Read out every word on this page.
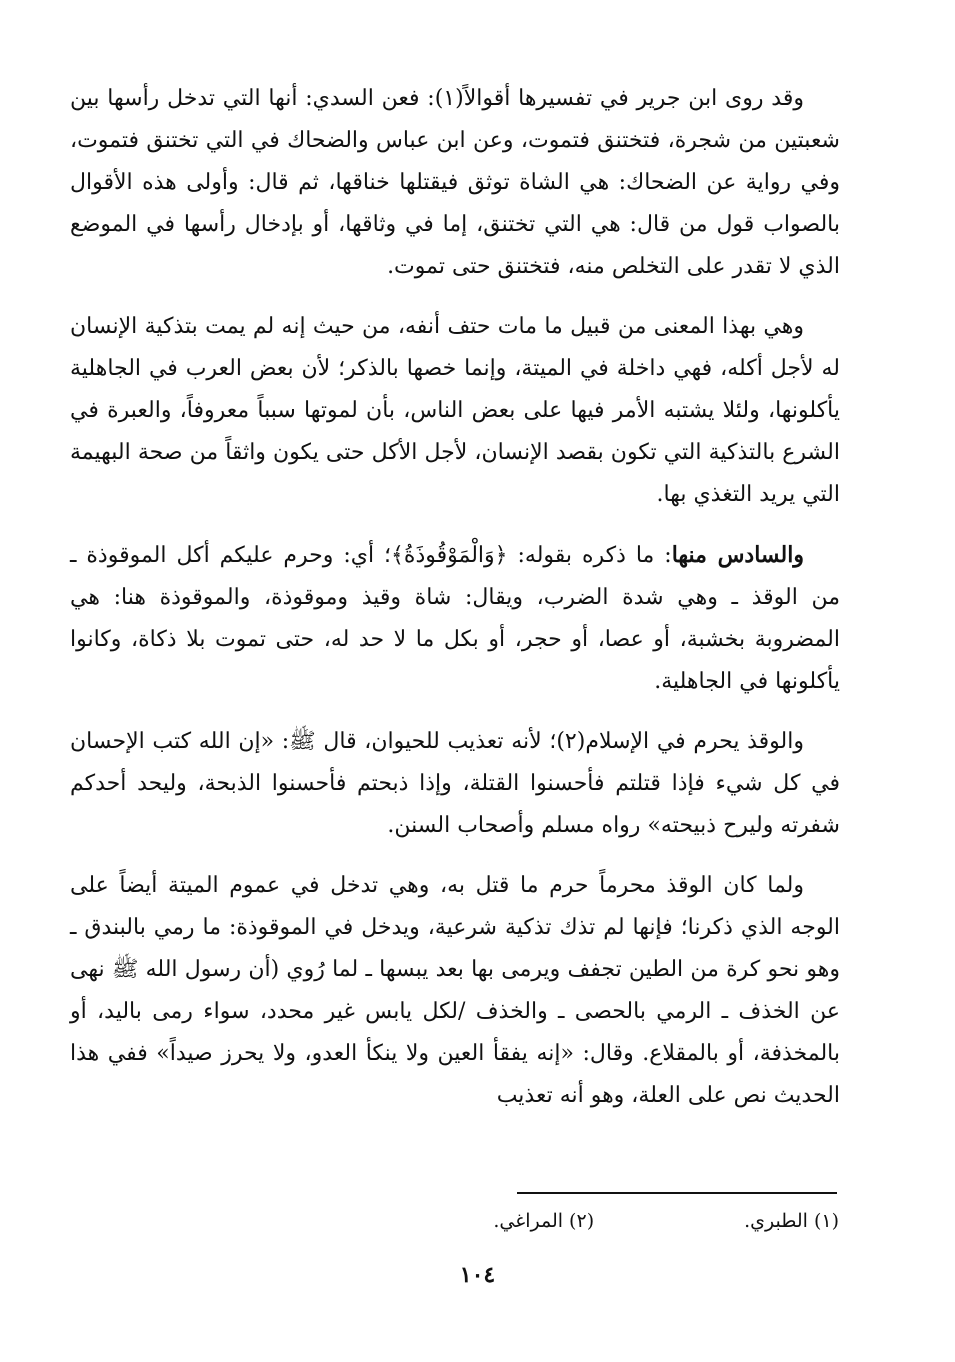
وقد روى ابن جرير في تفسيرها أقوالاً(١): فعن السدي: أنها التي تدخل رأسها بين شعبتين من شجرة، فتختنق فتموت، وعن ابن عباس والضحاك في التي تختنق فتموت، وفي رواية عن الضحاك: هي الشاة توثق فيقتلها خناقها، ثم قال: وأولى هذه الأقوال بالصواب قول من قال: هي التي تختنق، إما في وثاقها، أو بإدخال رأسها في الموضع الذي لا تقدر على التخلص منه، فتختنق حتى تموت.

وهي بهذا المعنى من قبيل ما مات حتف أنفه، من حيث إنه لم يمت بتذكية الإنسان له لأجل أكله، فهي داخلة في الميتة، وإنما خصها بالذكر؛ لأن بعض العرب في الجاهلية يأكلونها، ولئلا يشتبه الأمر فيها على بعض الناس، بأن لموتها سبباً معروفاً، والعبرة في الشرع بالتذكية التي تكون بقصد الإنسان، لأجل الأكل حتى يكون واثقاً من صحة البهيمة التي يريد التغذي بها.

والسادس منها: ما ذكره بقوله: ﴿وَالْمَوْقُوذَةُ﴾؛ أي: وحرم عليكم أكل الموقوذة ـ من الوقذ ـ وهي شدة الضرب، ويقال: شاة وقيذ وموقوذة، والموقوذة هنا: هي المضروبة بخشبة، أو عصا، أو حجر، أو بكل ما لا حد له، حتى تموت بلا ذكاة، وكانوا يأكلونها في الجاهلية.

والوقذ يحرم في الإسلام(٢)؛ لأنه تعذيب للحيوان، قال ﷺ: «إن الله كتب الإحسان في كل شيء فإذا قتلتم فأحسنوا القتلة، وإذا ذبحتم فأحسنوا الذبحة، وليحد أحدكم شفرته وليرح ذبيحته» رواه مسلم وأصحاب السنن.

ولما كان الوقذ محرماً حرم ما قتل به، وهي تدخل في عموم الميتة أيضاً على الوجه الذي ذكرنا؛ فإنها لم تذك تذكية شرعية، ويدخل في الموقوذة: ما رمي بالبندق ـ وهو نحو كرة من الطين تجفف ويرمى بها بعد يبسها ـ لما رُوي (أن رسول الله ﷺ نهى عن الخذف ـ الرمي بالحصى ـ والخذف /لكل يابس غير محدد، سواء رمى باليد، أو بالمخذفة، أو بالمقلاع. وقال: «إنه يفقأ العين ولا ينكأ العدو، ولا يحرز صيداً» ففي هذا الحديث نص على العلة، وهو أنه تعذيب

(١) الطبري.
(٢) المراغي.
١٠٤
